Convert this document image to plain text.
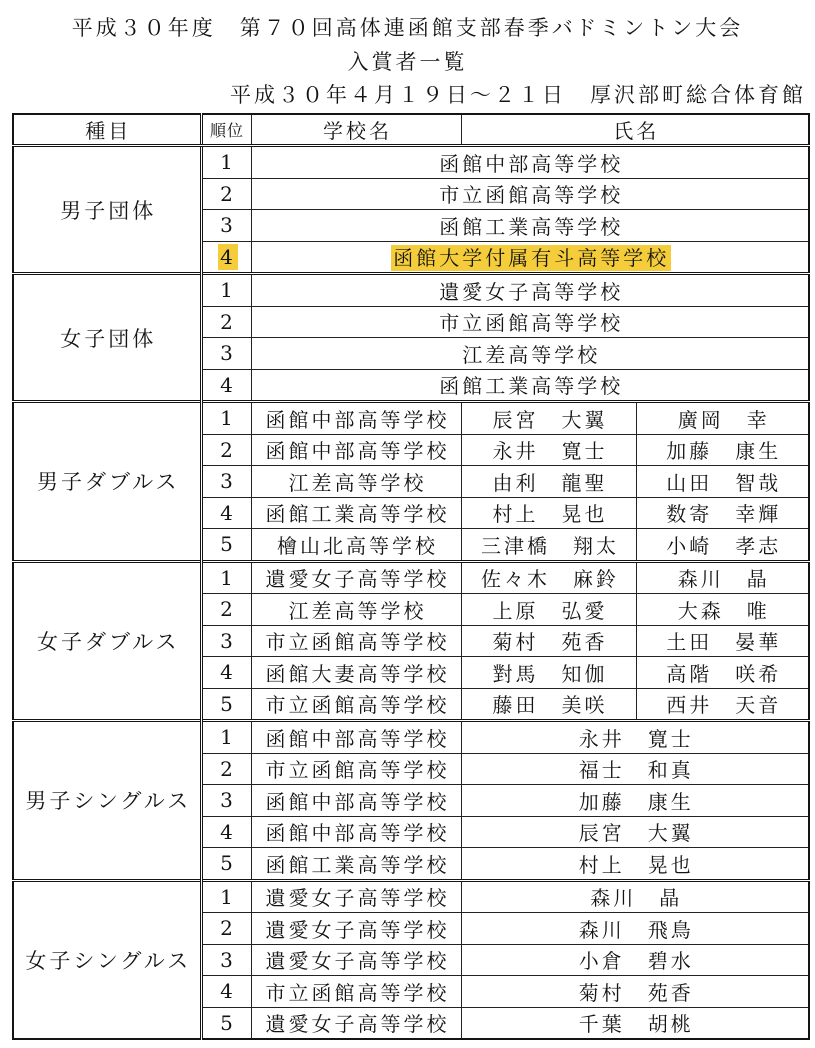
平成３０年度　第７０回高体連函館支部春季バドミントン大会
入賞者一覧
平成３０年４月１９日～２１日　厚沢部町総合体育館
種目	順位	学校名	氏名	
男子団体	1	函館中部高等学校		
	2	市立函館高等学校		
	3	函館工業高等学校		
	4	函館大学付属有斗高等学校		
女子団体	1	遺愛女子高等学校		
	2	市立函館高等学校		
	3	江差高等学校		
	4	函館工業高等学校		
男子ダブルス	1	函館中部高等学校	辰宮　大翼	廣岡　幸
	2	函館中部高等学校	永井　寛士	加藤　康生
	3	江差高等学校	由利　龍聖	山田　智哉
	4	函館工業高等学校	村上　晃也	数寄　幸輝
	5	檜山北高等学校	三津橋　翔太	小崎　孝志
女子ダブルス	1	遺愛女子高等学校	佐々木　麻鈴	森川　晶
	2	江差高等学校	上原　弘愛	大森　唯
	3	市立函館高等学校	菊村　苑香	土田　晏華
	4	函館大妻高等学校	對馬　知伽	高階　咲希
	5	市立函館高等学校	藤田　美咲	西井　天音
男子シングルス	1	函館中部高等学校	永井　寛士	
	2	市立函館高等学校	福士　和真	
	3	函館中部高等学校	加藤　康生	
	4	函館中部高等学校	辰宮　大翼	
	5	函館工業高等学校	村上　晃也	
女子シングルス	1	遺愛女子高等学校	森川　晶	
	2	遺愛女子高等学校	森川　飛鳥	
	3	遺愛女子高等学校	小倉　碧水	
	4	市立函館高等学校	菊村　苑香	
	5	遺愛女子高等学校	千葉　胡桃	
